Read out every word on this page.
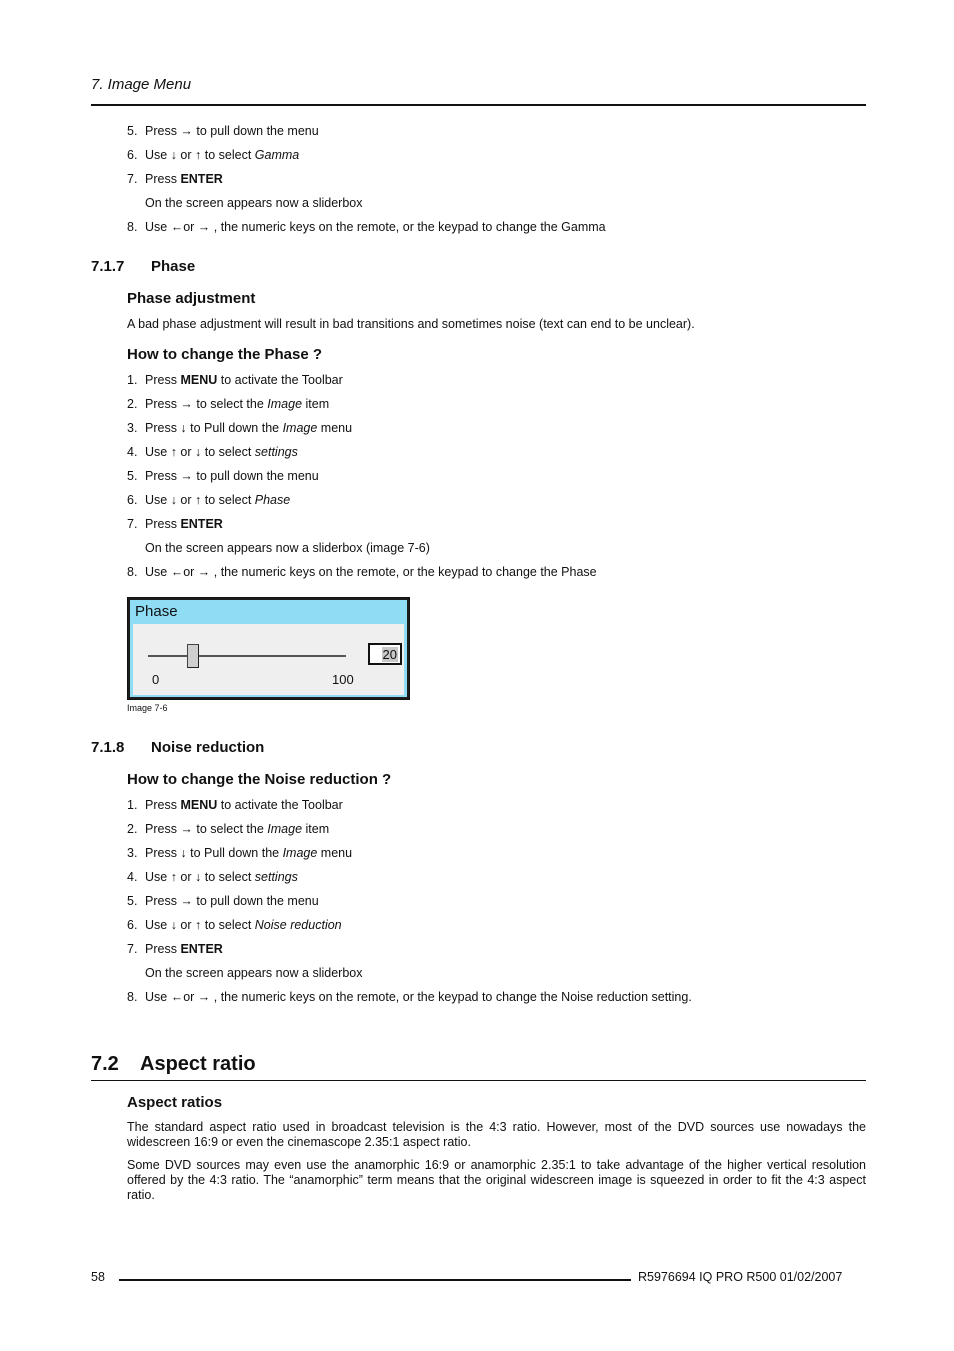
7. Image Menu
5. Press → to pull down the menu
6. Use ↓ or ↑ to select Gamma
7. Press ENTER
On the screen appears now a sliderbox
8. Use ←or → , the numeric keys on the remote, or the keypad to change the Gamma
7.1.7 Phase
Phase adjustment
A bad phase adjustment will result in bad transitions and sometimes noise (text can end to be unclear).
How to change the Phase ?
1. Press MENU to activate the Toolbar
2. Press → to select the Image item
3. Press ↓ to Pull down the Image menu
4. Use ↑ or ↓ to select settings
5. Press → to pull down the menu
6. Use ↓ or ↑ to select Phase
7. Press ENTER
On the screen appears now a sliderbox (image 7-6)
8. Use ←or → , the numeric keys on the remote, or the keypad to change the Phase
Phase
0	100
20
Image 7-6
7.1.8 Noise reduction
How to change the Noise reduction ?
1. Press MENU to activate the Toolbar
2. Press → to select the Image item
3. Press ↓ to Pull down the Image menu
4. Use ↑ or ↓ to select settings
5. Press → to pull down the menu
6. Use ↓ or ↑ to select Noise reduction
7. Press ENTER
On the screen appears now a sliderbox
8. Use ←or → , the numeric keys on the remote, or the keypad to change the Noise reduction setting.
7.2 Aspect ratio
Aspect ratios
The standard aspect ratio used in broadcast television is the 4:3 ratio. However, most of the DVD sources use nowadays the widescreen 16:9 or even the cinemascope 2.35:1 aspect ratio.
Some DVD sources may even use the anamorphic 16:9 or anamorphic 2.35:1 to take advantage of the higher vertical resolution offered by the 4:3 ratio. The “anamorphic” term means that the original widescreen image is squeezed in order to fit the 4:3 aspect ratio.
58	R5976694 IQ PRO R500 01/02/2007
